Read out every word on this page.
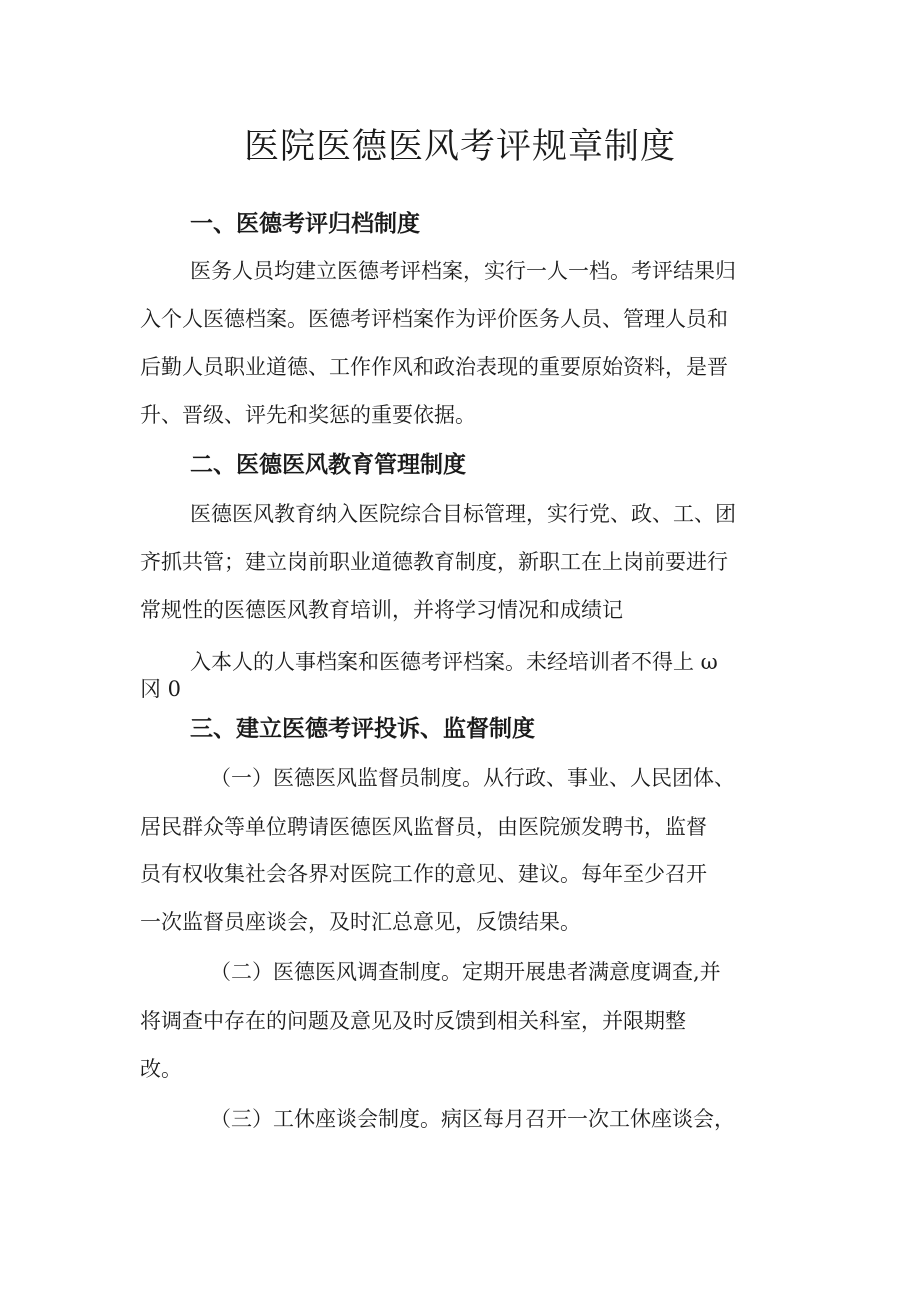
医院医德医风考评规章制度
一、医德考评归档制度
医务人员均建立医德考评档案，实行一人一档。考评结果归
入个人医德档案。医德考评档案作为评价医务人员、管理人员和
后勤人员职业道德、工作作风和政治表现的重要原始资料，是晋
升、晋级、评先和奖惩的重要依据。
二、医德医风教育管理制度
医德医风教育纳入医院综合目标管理，实行党、政、工、团
齐抓共管；建立岗前职业道德教育制度，新职工在上岗前要进行
常规性的医德医风教育培训，并将学习情况和成绩记
入本人的人事档案和医德考评档案。未经培训者不得上 ω
冈 0
三、建立医德考评投诉、监督制度
（一）医德医风监督员制度。从行政、事业、人民团体、
居民群众等单位聘请医德医风监督员，由医院颁发聘书，监督
员有权收集社会各界对医院工作的意见、建议。每年至少召开
一次监督员座谈会，及时汇总意见，反馈结果。
（二）医德医风调查制度。定期开展患者满意度调查,并
将调查中存在的问题及意见及时反馈到相关科室，并限期整
改。
（三）工休座谈会制度。病区每月召开一次工休座谈会，
